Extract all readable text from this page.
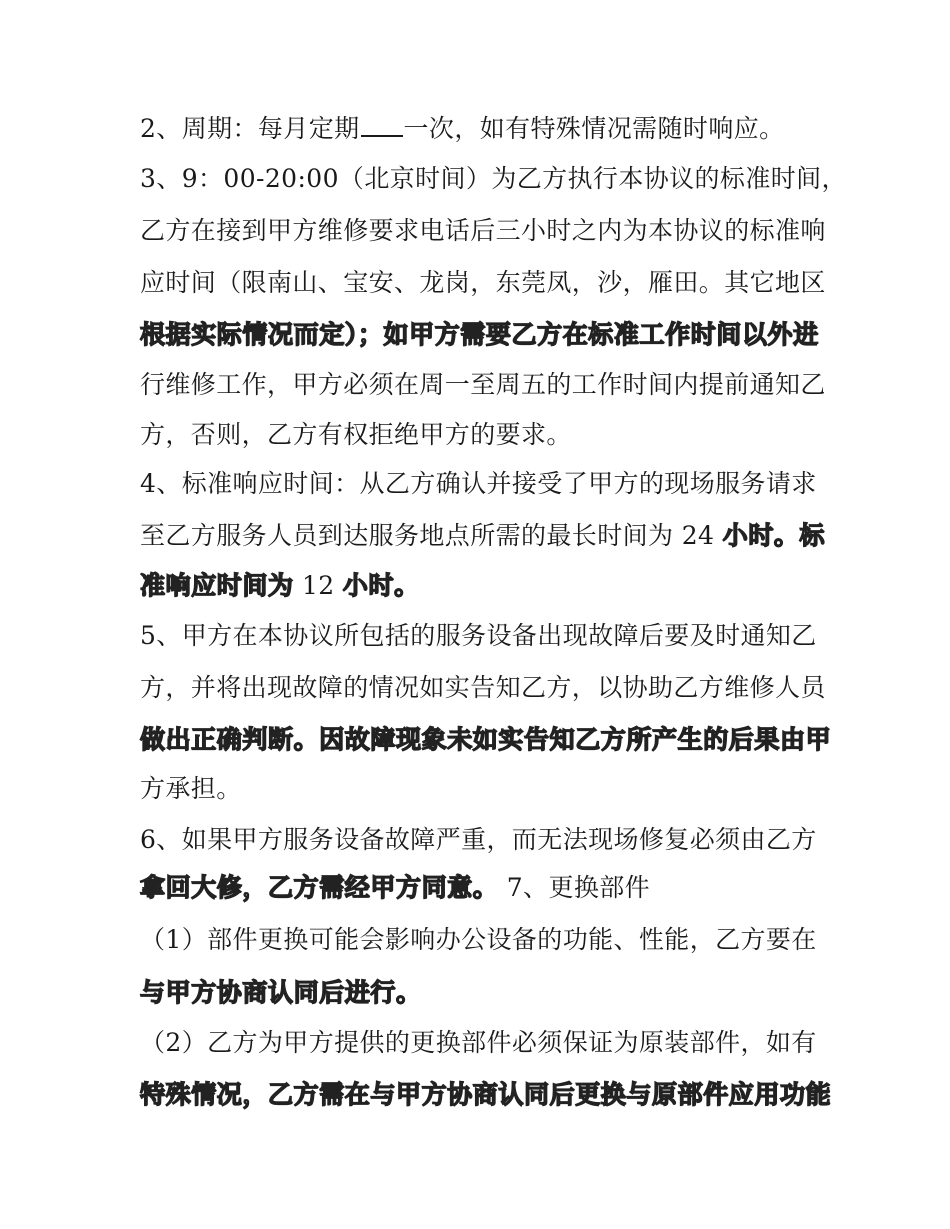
2、周期：每月定期 一次，如有特殊情况需随时响应。
3、9：00-20:00（北京时间）为乙方执行本协议的标准时间，
乙方在接到甲方维修要求电话后三小时之内为本协议的标准响
应时间（限南山、宝安、龙岗，东莞凤，沙，雁田。其它地区
根据实际情况而定）；如甲方需要乙方在标准工作时间以外进
行维修工作，甲方必须在周一至周五的工作时间内提前通知乙
方，否则，乙方有权拒绝甲方的要求。
4、标准响应时间：从乙方确认并接受了甲方的现场服务请求
至乙方服务人员到达服务地点所需的最长时间为 24 小时。标
准响应时间为 12 小时。
5、甲方在本协议所包括的服务设备出现故障后要及时通知乙
方，并将出现故障的情况如实告知乙方，以协助乙方维修人员
做出正确判断。因故障现象未如实告知乙方所产生的后果由甲
方承担。
6、如果甲方服务设备故障严重，而无法现场修复必须由乙方
拿回大修，乙方需经甲方同意。 7、更换部件
（1）部件更换可能会影响办公设备的功能、性能，乙方要在
与甲方协商认同后进行。
（2）乙方为甲方提供的更换部件必须保证为原装部件，如有
特殊情况，乙方需在与甲方协商认同后更换与原部件应用功能
